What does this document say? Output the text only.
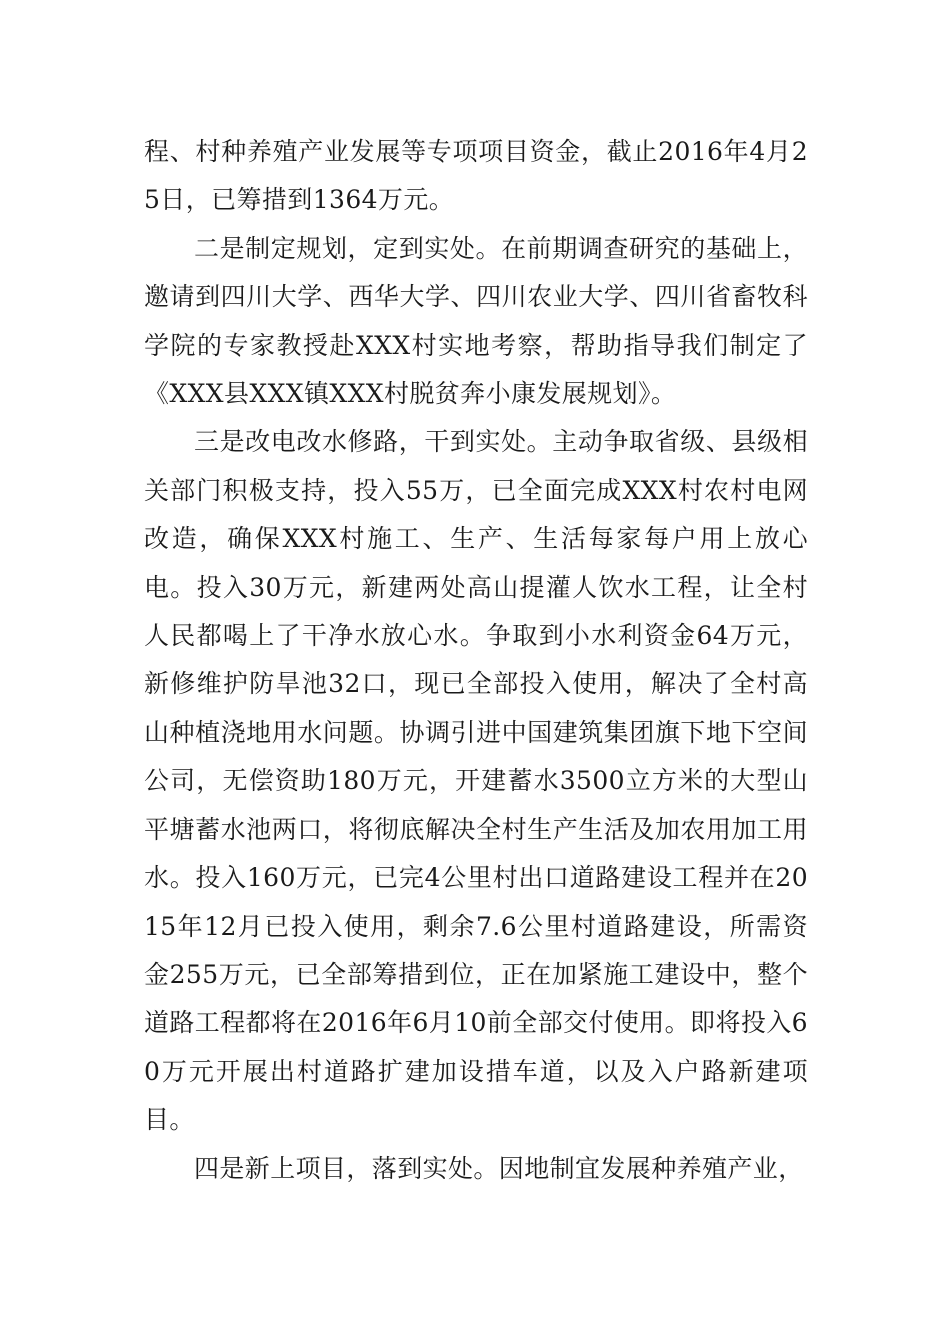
程、村种养殖产业发展等专项项目资金，截止2016年4月25日，已筹措到1364万元。

二是制定规划，定到实处。在前期调查研究的基础上，邀请到四川大学、西华大学、四川农业大学、四川省畜牧科学院的专家教授赴XXX村实地考察，帮助指导我们制定了《XXX县XXX镇XXX村脱贫奔小康发展规划》。

三是改电改水修路，干到实处。主动争取省级、县级相关部门积极支持，投入55万，已全面完成XXX村农村电网改造，确保XXX村施工、生产、生活每家每户用上放心电。投入30万元，新建两处高山提灌人饮水工程，让全村人民都喝上了干净水放心水。争取到小水利资金64万元，新修维护防旱池32口，现已全部投入使用，解决了全村高山种植浇地用水问题。协调引进中国建筑集团旗下地下空间公司，无偿资助180万元，开建蓄水3500立方米的大型山平塘蓄水池两口，将彻底解决全村生产生活及加农用加工用水。投入160万元，已完4公里村出口道路建设工程并在2015年12月已投入使用，剩余7.6公里村道路建设，所需资金255万元，已全部筹措到位，正在加紧施工建设中，整个道路工程都将在2016年6月10前全部交付使用。即将投入60万元开展出村道路扩建加设措车道，以及入户路新建项目。

四是新上项目，落到实处。因地制宜发展种养殖产业，
